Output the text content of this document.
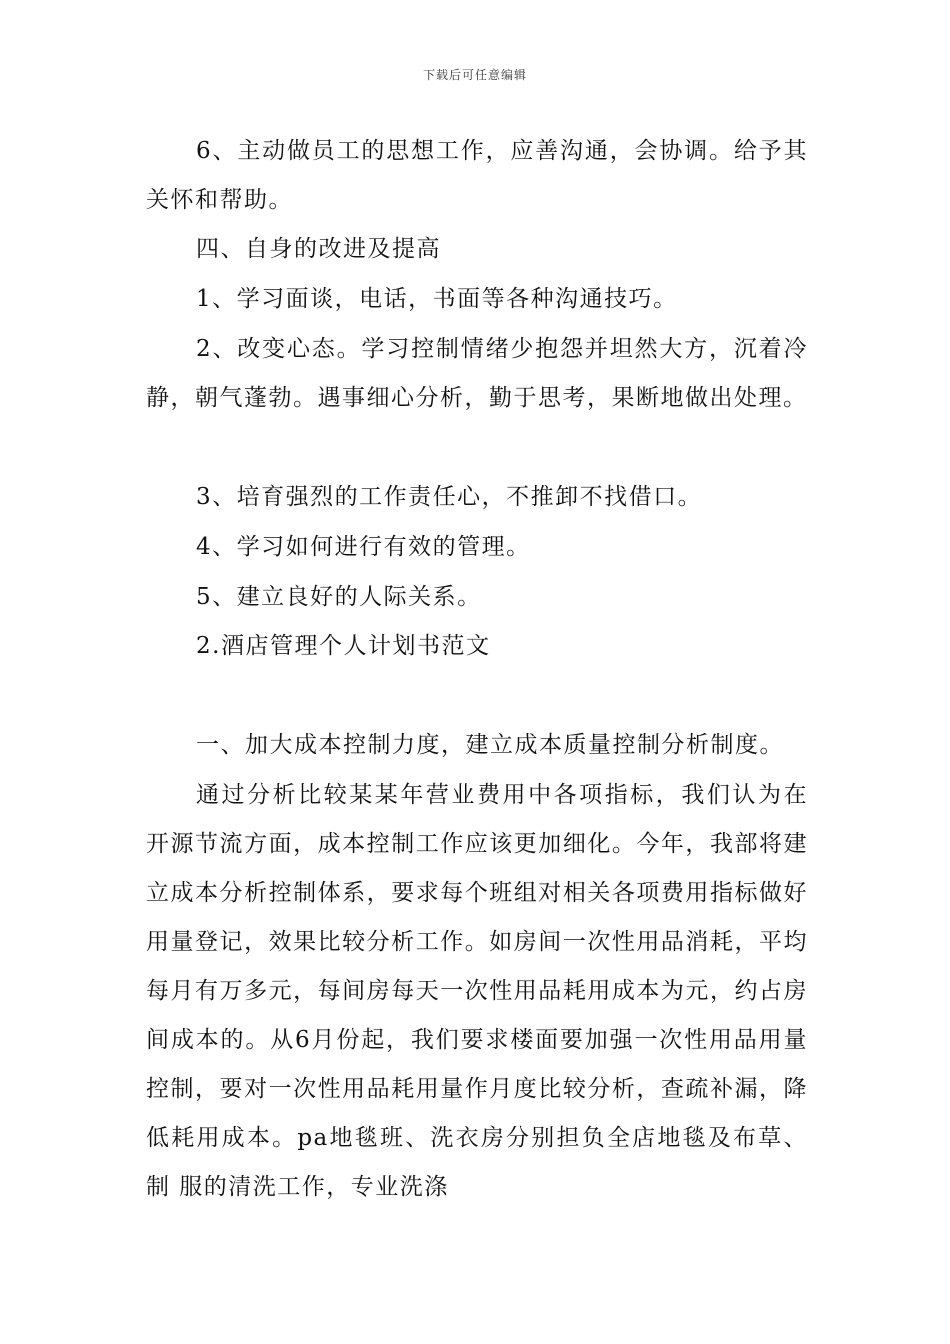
下载后可任意编辑

6、主动做员工的思想工作，应善沟通，会协调。给予其关怀和帮助。

四、自身的改进及提高

1、学习面谈，电话，书面等各种沟通技巧。

2、改变心态。学习控制情绪少抱怨并坦然大方，沉着冷静，朝气蓬勃。遇事细心分析，勤于思考，果断地做出处理。

3、培育强烈的工作责任心，不推卸不找借口。

4、学习如何进行有效的管理。

5、建立良好的人际关系。

2.酒店管理个人计划书范文

一、加大成本控制力度，建立成本质量控制分析制度。

通过分析比较某某年营业费用中各项指标，我们认为在开源节流方面，成本控制工作应该更加细化。今年，我部将建立成本分析控制体系，要求每个班组对相关各项费用指标做好用量登记，效果比较分析工作。如房间一次性用品消耗，平均每月有万多元，每间房每天一次性用品耗用成本为元，约占房间成本的。从6月份起，我们要求楼面要加强一次性用品用量控制，要对一次性用品耗用量作月度比较分析，查疏补漏，降低耗用成本。pa地毯班、洗衣房分别担负全店地毯及布草、制 服的清洗工作，专业洗涤
